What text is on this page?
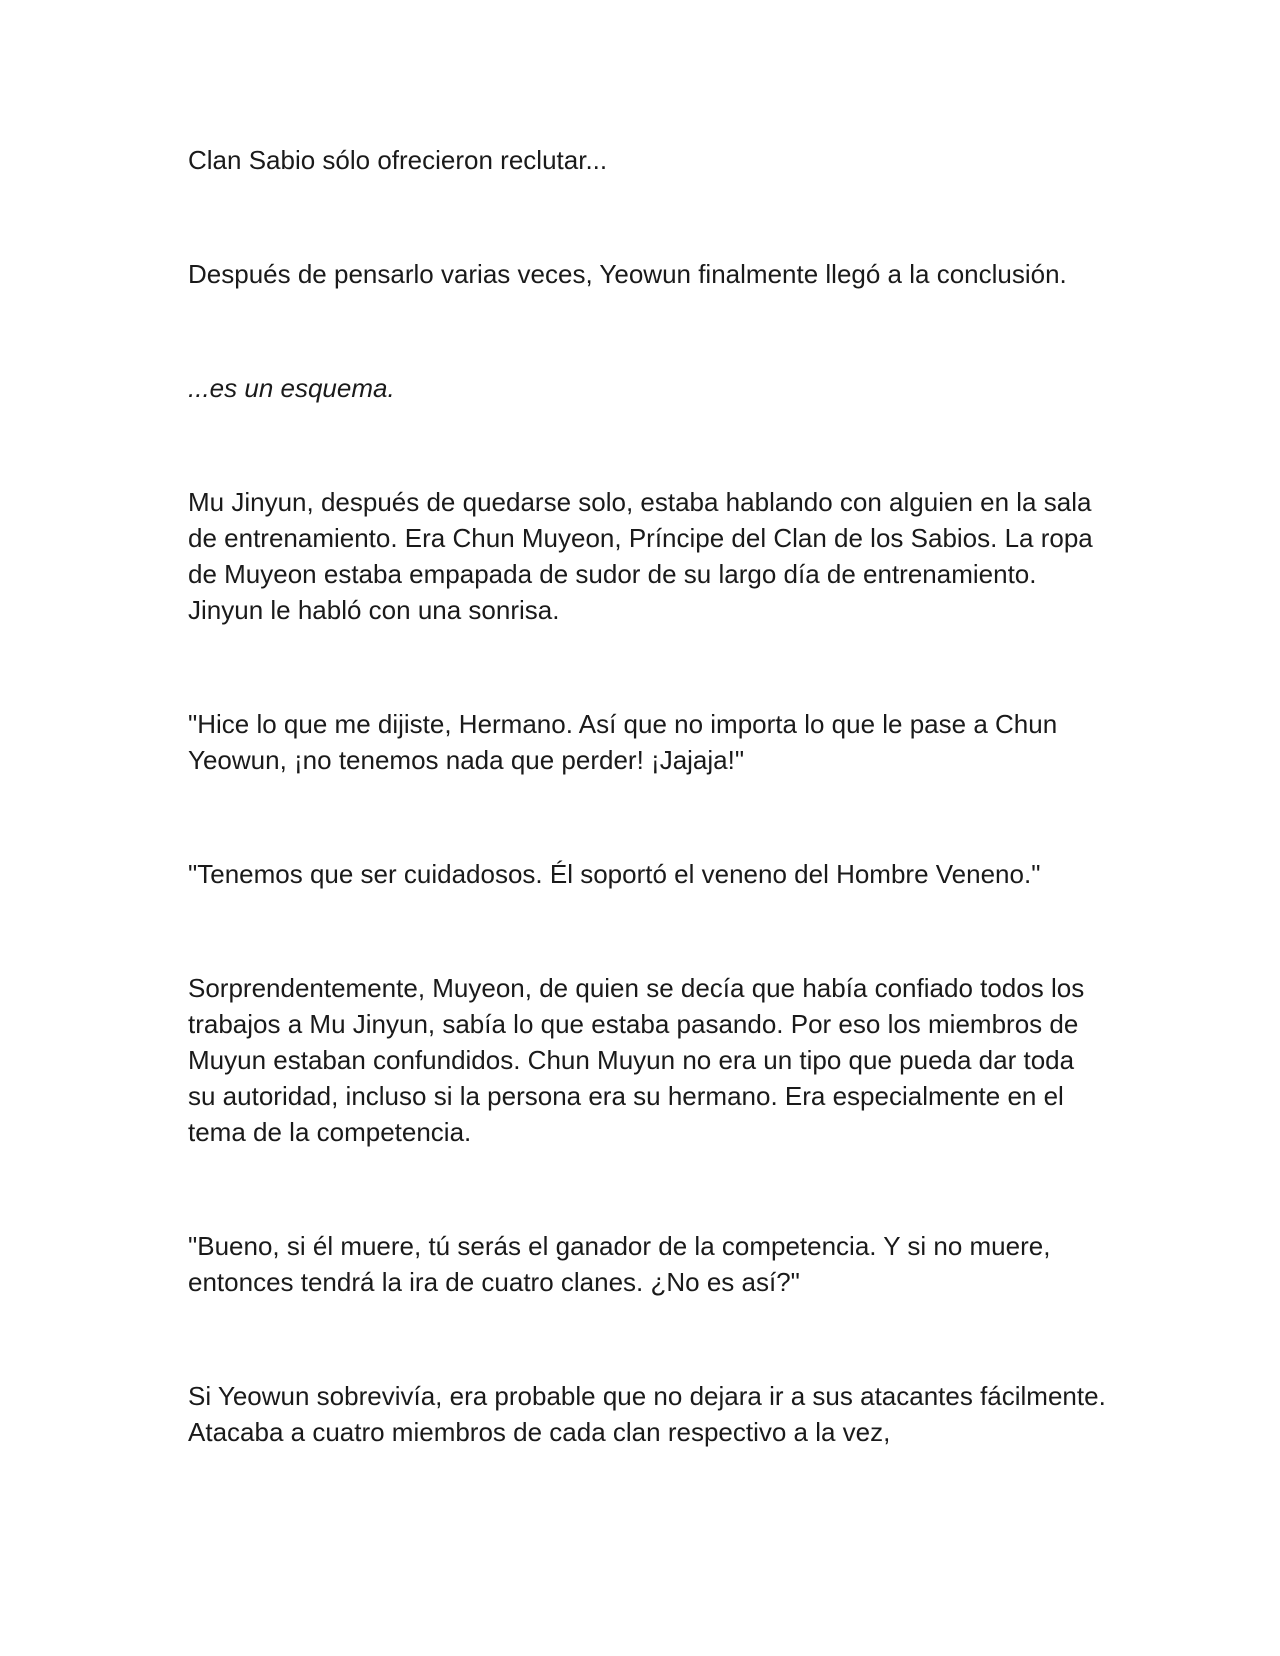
Clan Sabio sólo ofrecieron reclutar...

Después de pensarlo varias veces, Yeowun finalmente llegó a la conclusión.

...es un esquema.

Mu Jinyun, después de quedarse solo, estaba hablando con alguien en la sala de entrenamiento. Era Chun Muyeon, Príncipe del Clan de los Sabios. La ropa de Muyeon estaba empapada de sudor de su largo día de entrenamiento. Jinyun le habló con una sonrisa.

"Hice lo que me dijiste, Hermano. Así que no importa lo que le pase a Chun Yeowun, ¡no tenemos nada que perder! ¡Jajaja!"

"Tenemos que ser cuidadosos. Él soportó el veneno del Hombre Veneno."

Sorprendentemente, Muyeon, de quien se decía que había confiado todos los trabajos a Mu Jinyun, sabía lo que estaba pasando. Por eso los miembros de Muyun estaban confundidos. Chun Muyun no era un tipo que pueda dar toda su autoridad, incluso si la persona era su hermano. Era especialmente en el tema de la competencia.

"Bueno, si él muere, tú serás el ganador de la competencia. Y si no muere, entonces tendrá la ira de cuatro clanes. ¿No es así?"

Si Yeowun sobrevivía, era probable que no dejara ir a sus atacantes fácilmente. Atacaba a cuatro miembros de cada clan respectivo a la vez,
